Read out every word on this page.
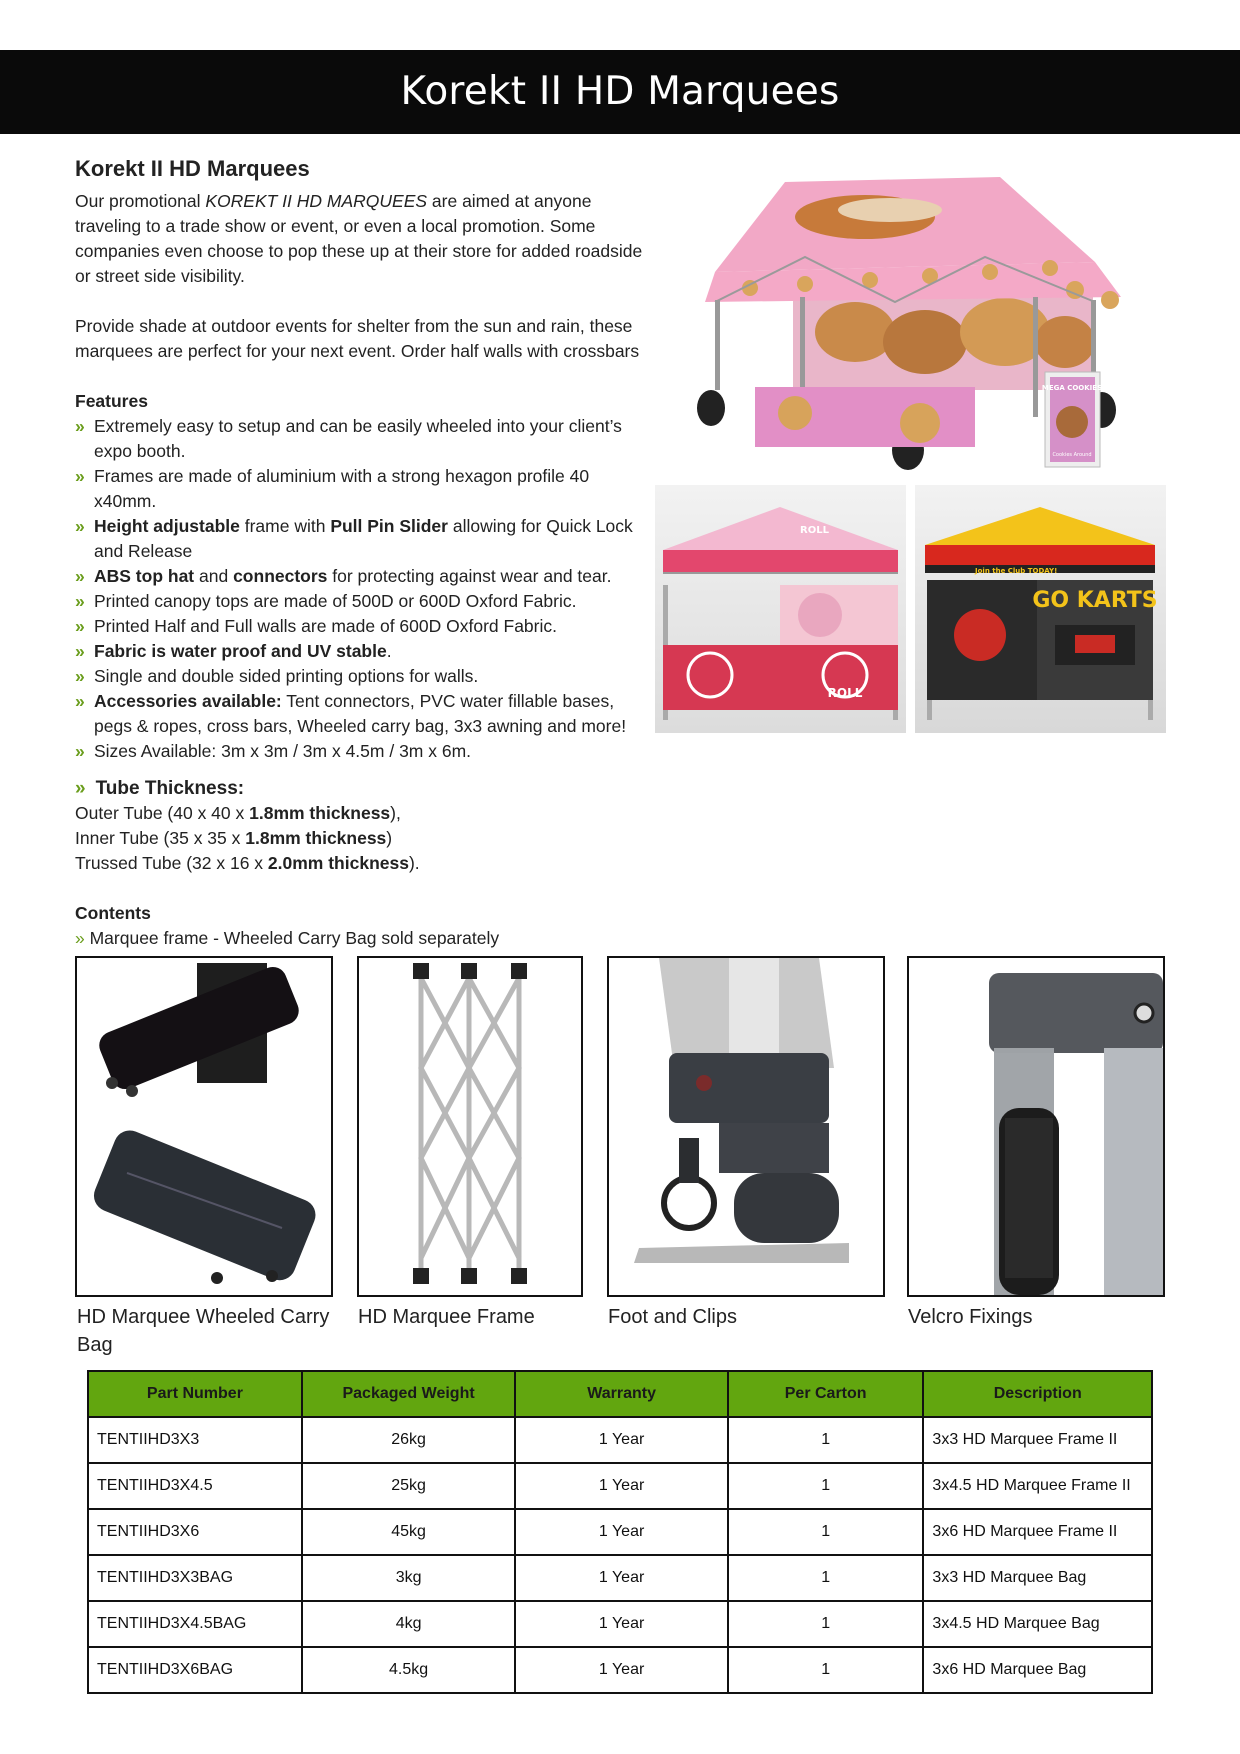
Korekt II HD Marquees
Korekt II HD Marquees

Our promotional KOREKT II HD MARQUEES are aimed at anyone traveling to a trade show or event, or even a local promotion. Some companies even choose to pop these up at their store for added roadside or street side visibility.

Provide shade at outdoor events for shelter from the sun and rain, these marquees are perfect for your next event. Order half walls with crossbars

Features
» Extremely easy to setup and can be easily wheeled into your client’s expo booth.
» Frames are made of aluminium with a strong hexagon profile 40 x40mm.
» Height adjustable frame with Pull Pin Slider allowing for Quick Lock and Release
» ABS top hat and connectors for protecting against wear and tear.
» Printed canopy tops are made of 500D or 600D Oxford Fabric.
» Printed Half and Full walls are made of 600D Oxford Fabric.
» Fabric is water proof and UV stable.
» Single and double sided printing options for walls.
» Accessories available: Tent connectors, PVC water fillable bases, pegs & ropes, cross bars, Wheeled carry bag, 3x3 awning and more!
» Sizes Available: 3m x 3m / 3m x 4.5m / 3m x 6m.
» Tube Thickness:
Outer Tube (40 x 40 x 1.8mm thickness),
Inner Tube (35 x 35 x 1.8mm thickness)
Trussed Tube (32 x 16 x 2.0mm thickness).
Contents
» Marquee frame - Wheeled Carry Bag sold separately
MEGA COOKIES
Cookies Around
ROLL
ROLL
Join the Club TODAY!
GO KARTS
HD Marquee Wheeled Carry Bag
HD Marquee Frame	Foot and Clips	Velcro Fixings
Part Number	Packaged Weight	Warranty	Per Carton	Description
TENTIIHD3X3	26kg	1 Year	1	3x3 HD Marquee Frame II
TENTIIHD3X4.5	25kg	1 Year	1	3x4.5 HD Marquee Frame II
TENTIIHD3X6	45kg	1 Year	1	3x6 HD Marquee Frame II
TENTIIHD3X3BAG	3kg	1 Year	1	3x3 HD Marquee Bag
TENTIIHD3X4.5BAG	4kg	1 Year	1	3x4.5 HD Marquee Bag
TENTIIHD3X6BAG	4.5kg	1 Year	1	3x6 HD Marquee Bag
